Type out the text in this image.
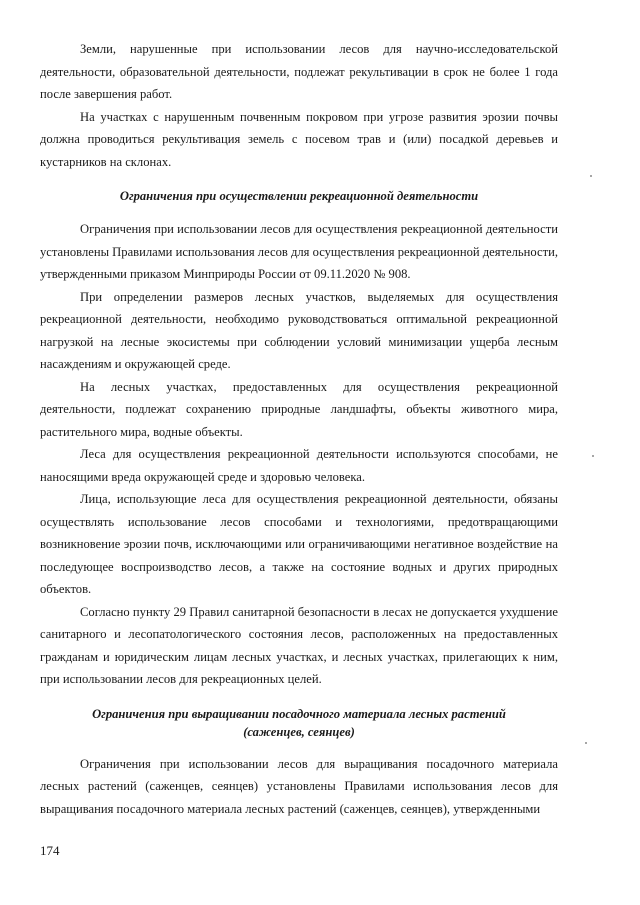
Земли, нарушенные при использовании лесов для научно-исследовательской деятельности, образовательной деятельности, подлежат рекультивации в срок не более 1 года после завершения работ.

На участках с нарушенным почвенным покровом при угрозе развития эрозии почвы должна проводиться рекультивация земель с посевом трав и (или) посадкой деревьев и кустарников на склонах.

Ограничения при осуществлении рекреационной деятельности

Ограничения при использовании лесов для осуществления рекреационной деятельности установлены Правилами использования лесов для осуществления рекреационной деятельности, утвержденными приказом Минприроды России от 09.11.2020 № 908.

При определении размеров лесных участков, выделяемых для осуществления рекреационной деятельности, необходимо руководствоваться оптимальной рекреационной нагрузкой на лесные экосистемы при соблюдении условий минимизации ущерба лесным насаждениям и окружающей среде.

На лесных участках, предоставленных для осуществления рекреационной деятельности, подлежат сохранению природные ландшафты, объекты животного мира, растительного мира, водные объекты.

Леса для осуществления рекреационной деятельности используются способами, не наносящими вреда окружающей среде и здоровью человека.

Лица, использующие леса для осуществления рекреационной деятельности, обязаны осуществлять использование лесов способами и технологиями, предотвращающими возникновение эрозии почв, исключающими или ограничивающими негативное воздействие на последующее воспроизводство лесов, а также на состояние водных и других природных объектов.

Согласно пункту 29 Правил санитарной безопасности в лесах не допускается ухудшение санитарного и лесопатологического состояния лесов, расположенных на предоставленных гражданам и юридическим лицам лесных участках, и лесных участках, прилегающих к ним, при использовании лесов для рекреационных целей.

Ограничения при выращивании посадочного материала лесных растений
(саженцев, сеянцев)

Ограничения при использовании лесов для выращивания посадочного материала лесных растений (саженцев, сеянцев) установлены Правилами использования лесов для выращивания посадочного материала лесных растений (саженцев, сеянцев), утвержденными

174
